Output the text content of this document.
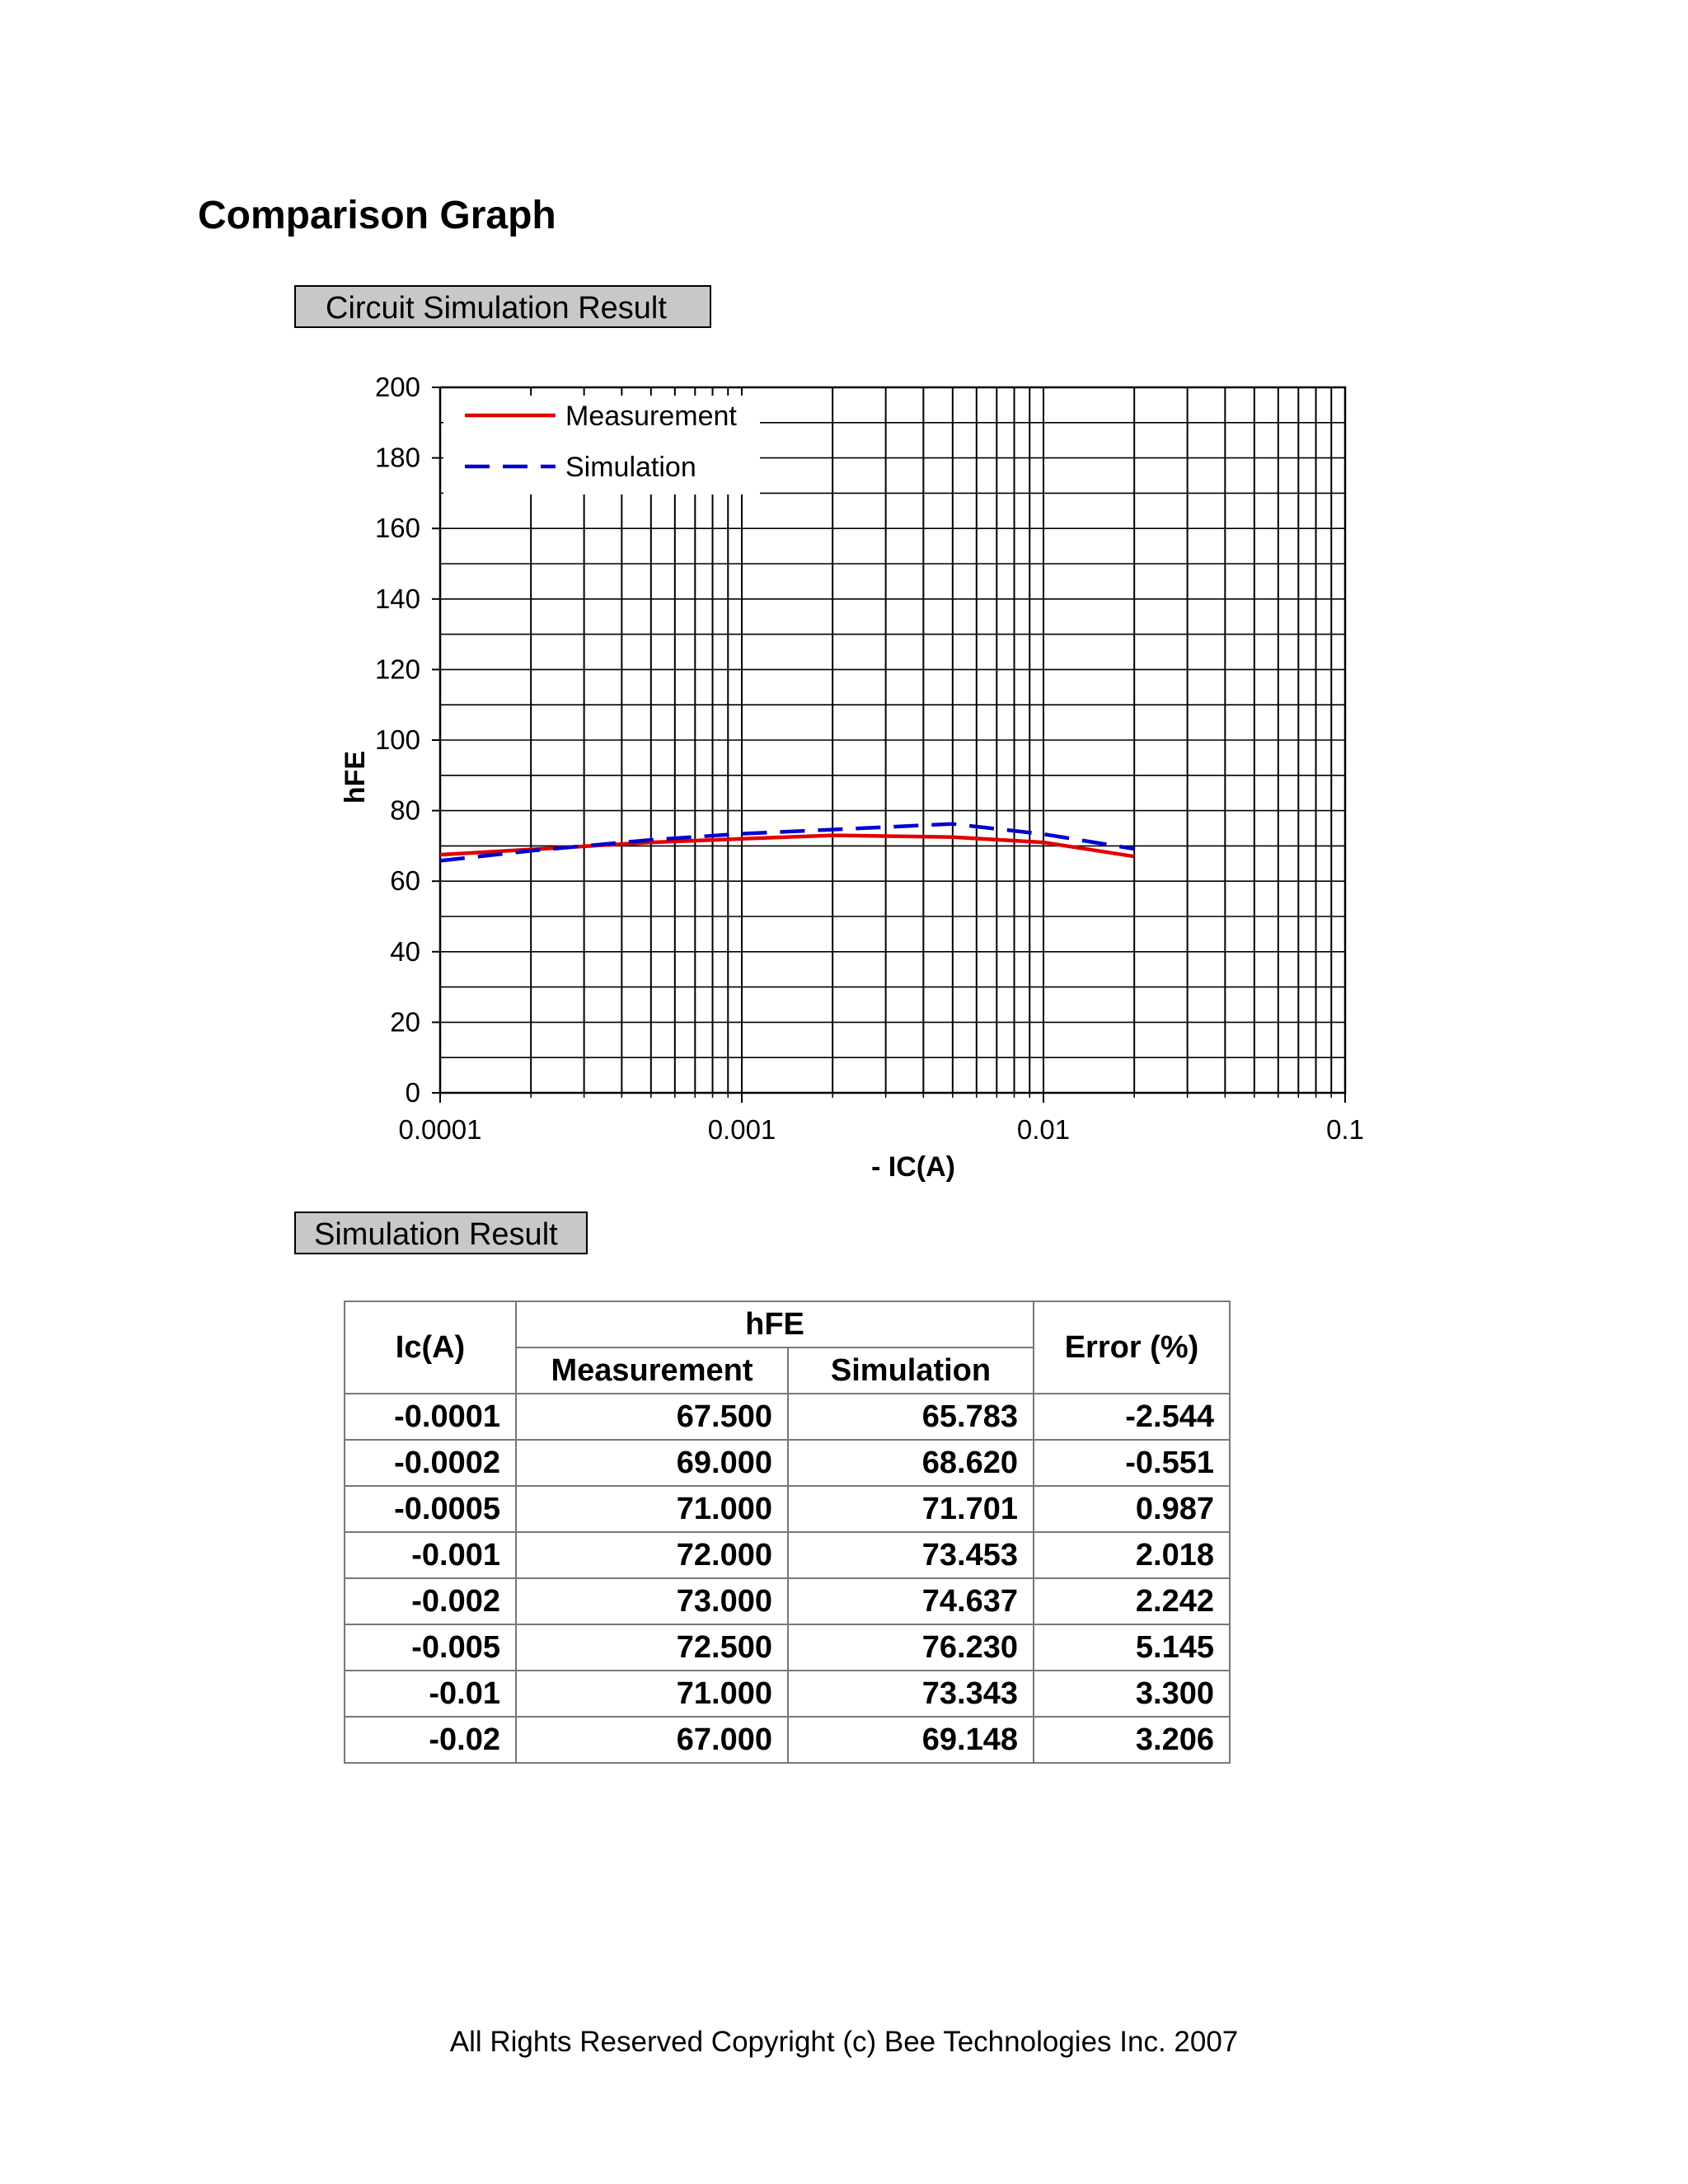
Comparison Graph
Circuit Simulation Result
0
20
40
60
80
100
120
140
160
180
200
0.0001	0.001	0.01	0.1
- IC(A)
hFE
Measurement
Simulation
Simulation Result
Ic(A)	hFE		Error (%)
	Measurement	Simulation	
-0.0001	67.500	65.783	-2.544
-0.0002	69.000	68.620	-0.551
-0.0005	71.000	71.701	0.987
-0.001	72.000	73.453	2.018
-0.002	73.000	74.637	2.242
-0.005	72.500	76.230	5.145
-0.01	71.000	73.343	3.300
-0.02	67.000	69.148	3.206
All Rights Reserved Copyright (c) Bee Technologies Inc. 2007
